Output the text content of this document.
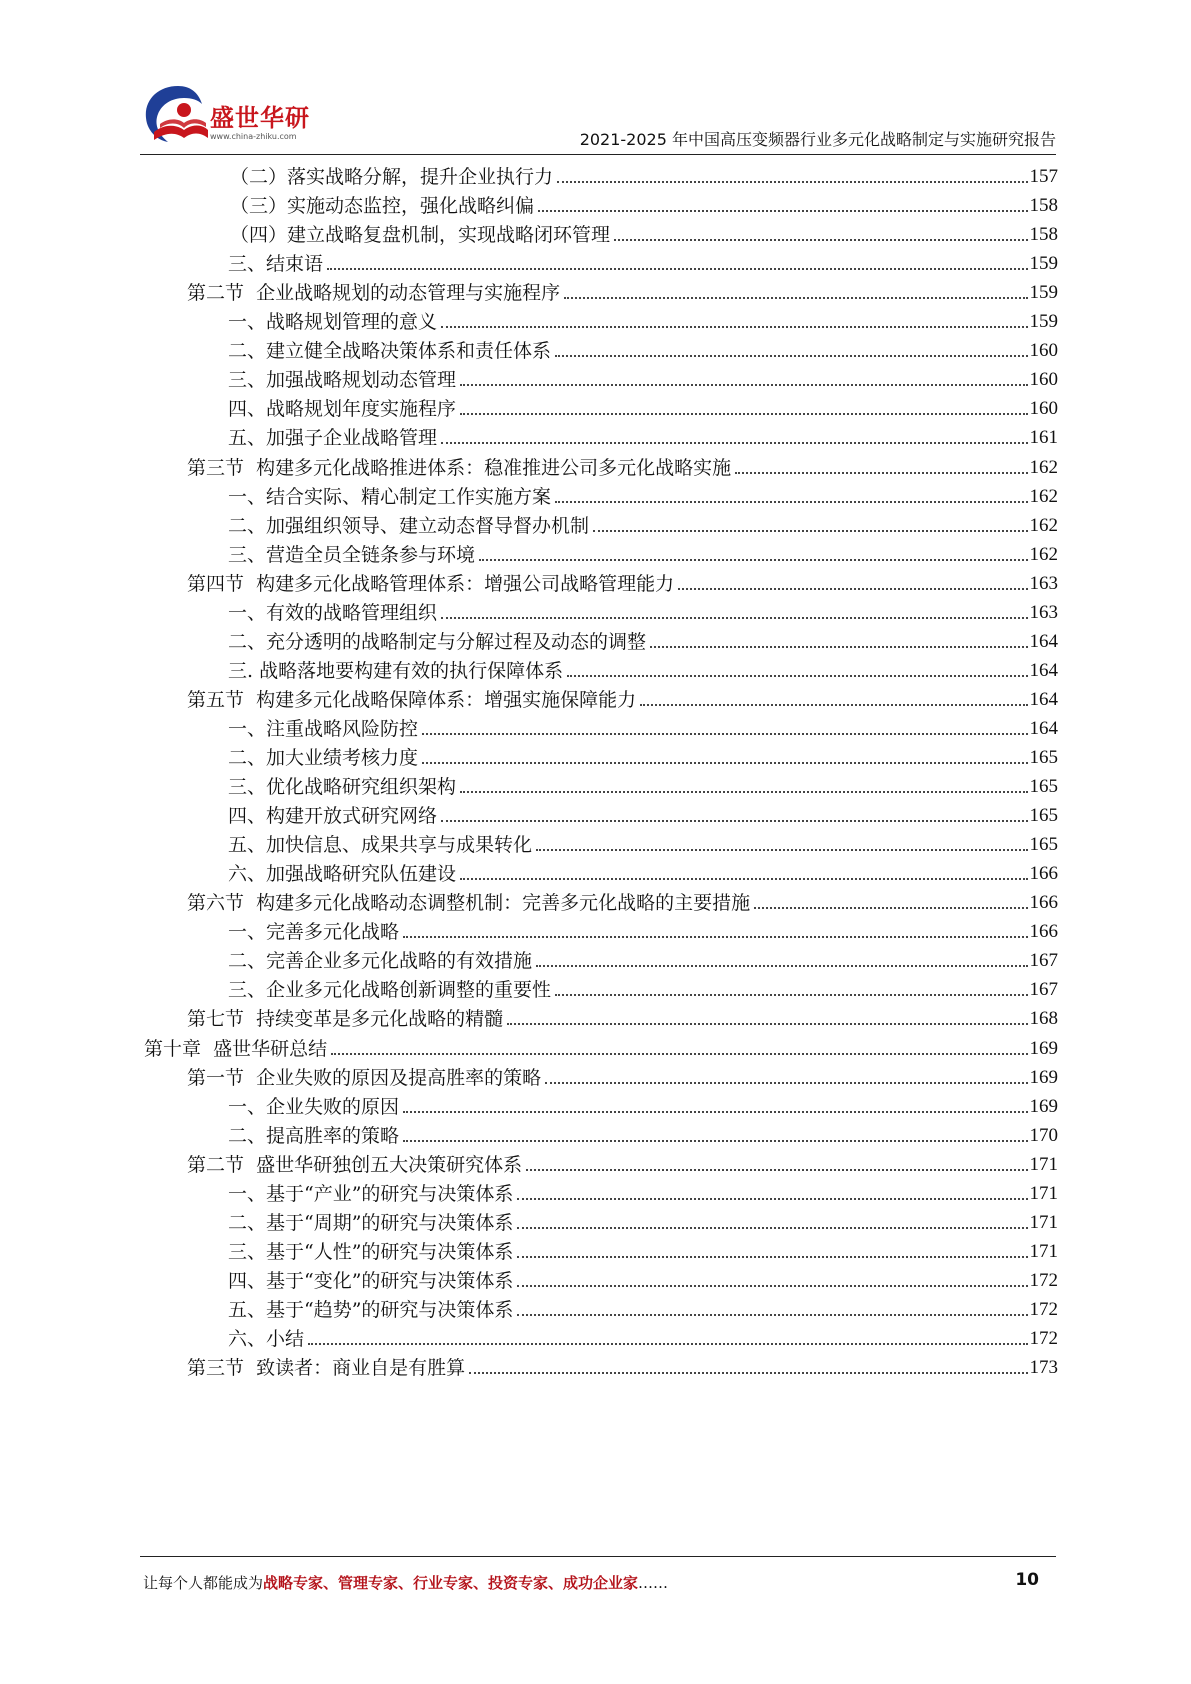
盛世华研
www.china-zhiku.com	2021-2025 年中国高压变频器行业多元化战略制定与实施研究报告
（二）落实战略分解，提升企业执行力	157
（三）实施动态监控，强化战略纠偏	158
（四）建立战略复盘机制，实现战略闭环管理	158
三、结束语	159
第二节  企业战略规划的动态管理与实施程序	159
一、战略规划管理的意义	159
二、建立健全战略决策体系和责任体系	160
三、加强战略规划动态管理	160
四、战略规划年度实施程序	160
五、加强子企业战略管理	161
第三节  构建多元化战略推进体系：稳准推进公司多元化战略实施	162
一、结合实际、精心制定工作实施方案	162
二、加强组织领导、建立动态督导督办机制	162
三、营造全员全链条参与环境	162
第四节  构建多元化战略管理体系：增强公司战略管理能力	163
一、有效的战略管理组织	163
二、充分透明的战略制定与分解过程及动态的调整	164
三. 战略落地要构建有效的执行保障体系	164
第五节  构建多元化战略保障体系：增强实施保障能力	164
一、注重战略风险防控	164
二、加大业绩考核力度	165
三、优化战略研究组织架构	165
四、构建开放式研究网络	165
五、加快信息、成果共享与成果转化	165
六、加强战略研究队伍建设	166
第六节  构建多元化战略动态调整机制：完善多元化战略的主要措施	166
一、完善多元化战略	166
二、完善企业多元化战略的有效措施	167
三、企业多元化战略创新调整的重要性	167
第七节  持续变革是多元化战略的精髓	168
第十章  盛世华研总结	169
第一节  企业失败的原因及提高胜率的策略	169
一、企业失败的原因	169
二、提高胜率的策略	170
第二节  盛世华研独创五大决策研究体系	171
一、基于“产业”的研究与决策体系	171
二、基于“周期”的研究与决策体系	171
三、基于“人性”的研究与决策体系	171
四、基于“变化”的研究与决策体系	172
五、基于“趋势”的研究与决策体系	172
六、小结	172
第三节  致读者：商业自是有胜算	173
让每个人都能成为战略专家、管理专家、行业专家、投资专家、成功企业家……	10
